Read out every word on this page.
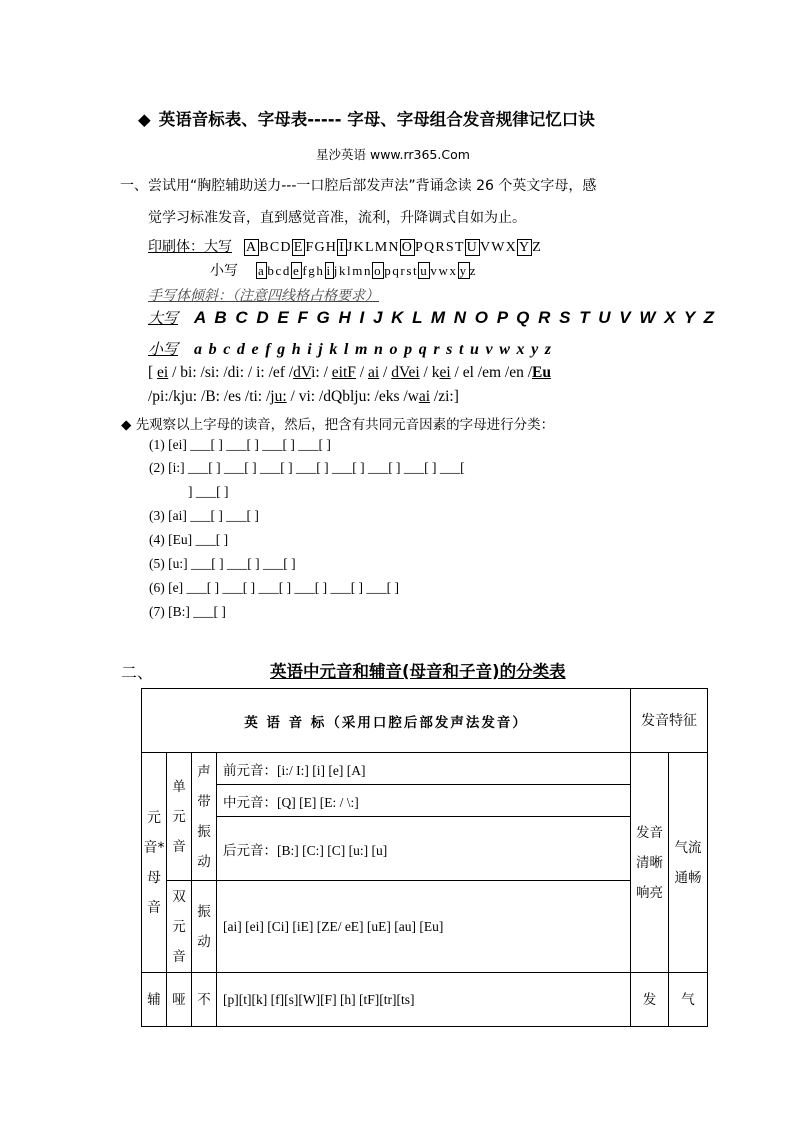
◆ 英语音标表、字母表----- 字母、字母组合发音规律记忆口诀
星沙英语 www.rr365.Com
一、尝试用“胸腔辅助送力---一口腔后部发声法”背诵念读 26 个英文字母，感
觉学习标准发音，直到感觉音准，流利，升降调式自如为止。
印刷体：大写 A BCD E FGH I JKLMN O PQRST U VWX Y Z
小写 a bcd e fgh i jklmn o pqrst u vwx y z
手写体倾斜：（注意四线格占格要求）
大写 A B C D E F G H I J K L M N O P Q R S T U V W X Y Z
小写 a b c d e f g h i j k l m n o p q r s t u v w x y z
[ ei / bi: /si: /di: / i: /ef /dVi: / eitF / ai / dVei / kei / el /em /en /Eu
/pi:/kju: /B: /es /ti: /ju: / vi: /dQblju: /eks /wai /zi:]
◆ 先观察以上字母的读音，然后，把含有共同元音因素的字母进行分类：
(1) [ei] ___[ ] ___[ ] ___[ ] ___[ ]
(2) [i:] ___[ ] ___[ ] ___[ ] ___[ ] ___[ ] ___[ ] ___[ ] ___[
] ___[ ]
(3) [ai] ___[ ] ___[ ]
(4) [Eu] ___[ ]
(5) [u:] ___[ ] ___[ ] ___[ ]
(6) [e] ___[ ] ___[ ] ___[ ] ___[ ] ___[ ] ___[ ]
(7) [B:] ___[ ]
二、	英语中元音和辅音(母音和子音)的分类表
英 语 音 标（采用口腔后部发声法发音）				发音特征	
元音*母音	单元音	声带振动	前元音：[i:/ I:] [i] [e] [A]	发音清晰响亮	气流通畅
			中元音：[Q] [E] [E: / \:]		
			后元音：[B:] [C:] [C] [u:] [u]		
	双元音	振动	[ai] [ei] [Ci] [iE] [ZE/ eE] [uE] [au] [Eu]		
辅	哑	不	[p][t][k] [f][s][W][F] [h] [tF][tr][ts]	发	气
